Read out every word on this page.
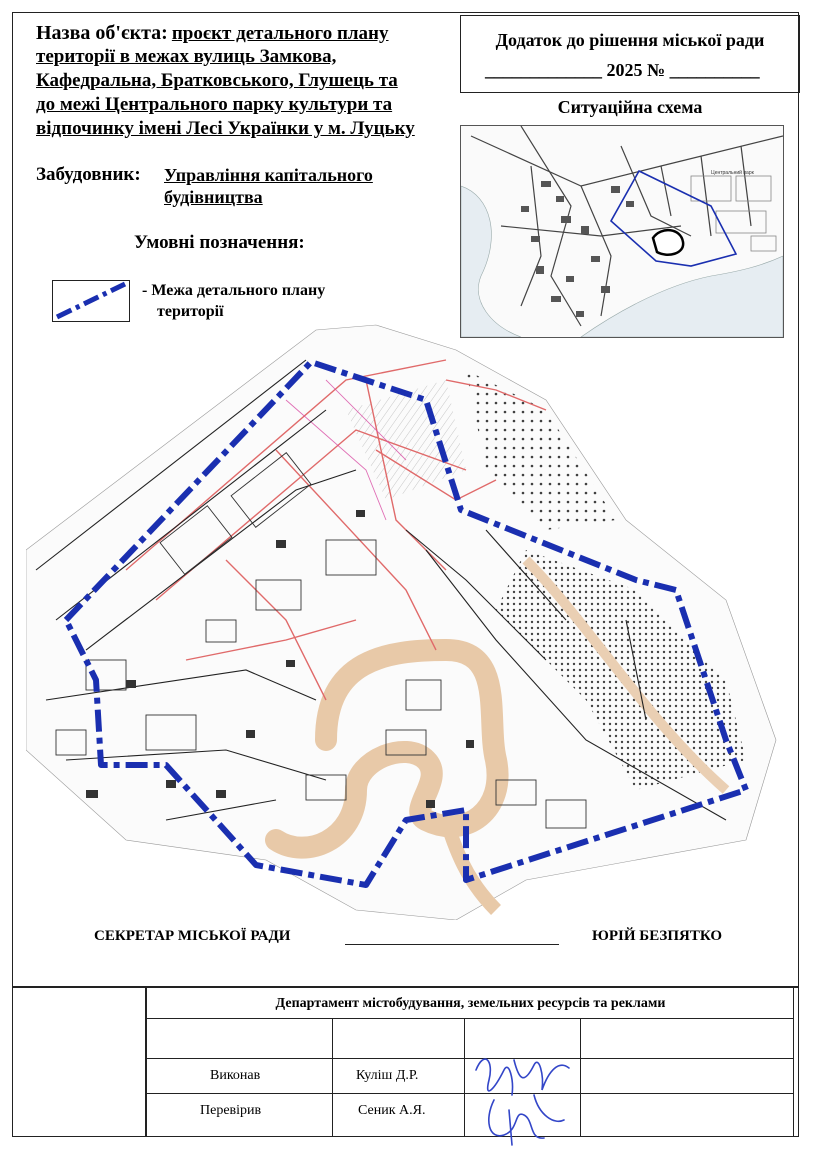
Назва об'єкта: проєкт детального плану
території в межах вулиць Замкова,
Кафедральна, Братковського, Глушець та
до межі Центрального парку культури та
відпочинку імені Лесі Українки у м. Луцьку
Додаток до рішення міської ради
_____________ 2025 № __________
Ситуаційна схема
Центральний парк
Забудовник: Управління капітального
будівництва
Умовні позначення:
- Межа детального плану
території
СЕКРЕТАР МІСЬКОЇ РАДИ	ЮРІЙ БЕЗПЯТКО
Департамент містобудування, земельних ресурсів та реклами
Виконав	Куліш Д.Р.
Перевірив	Сеник А.Я.
